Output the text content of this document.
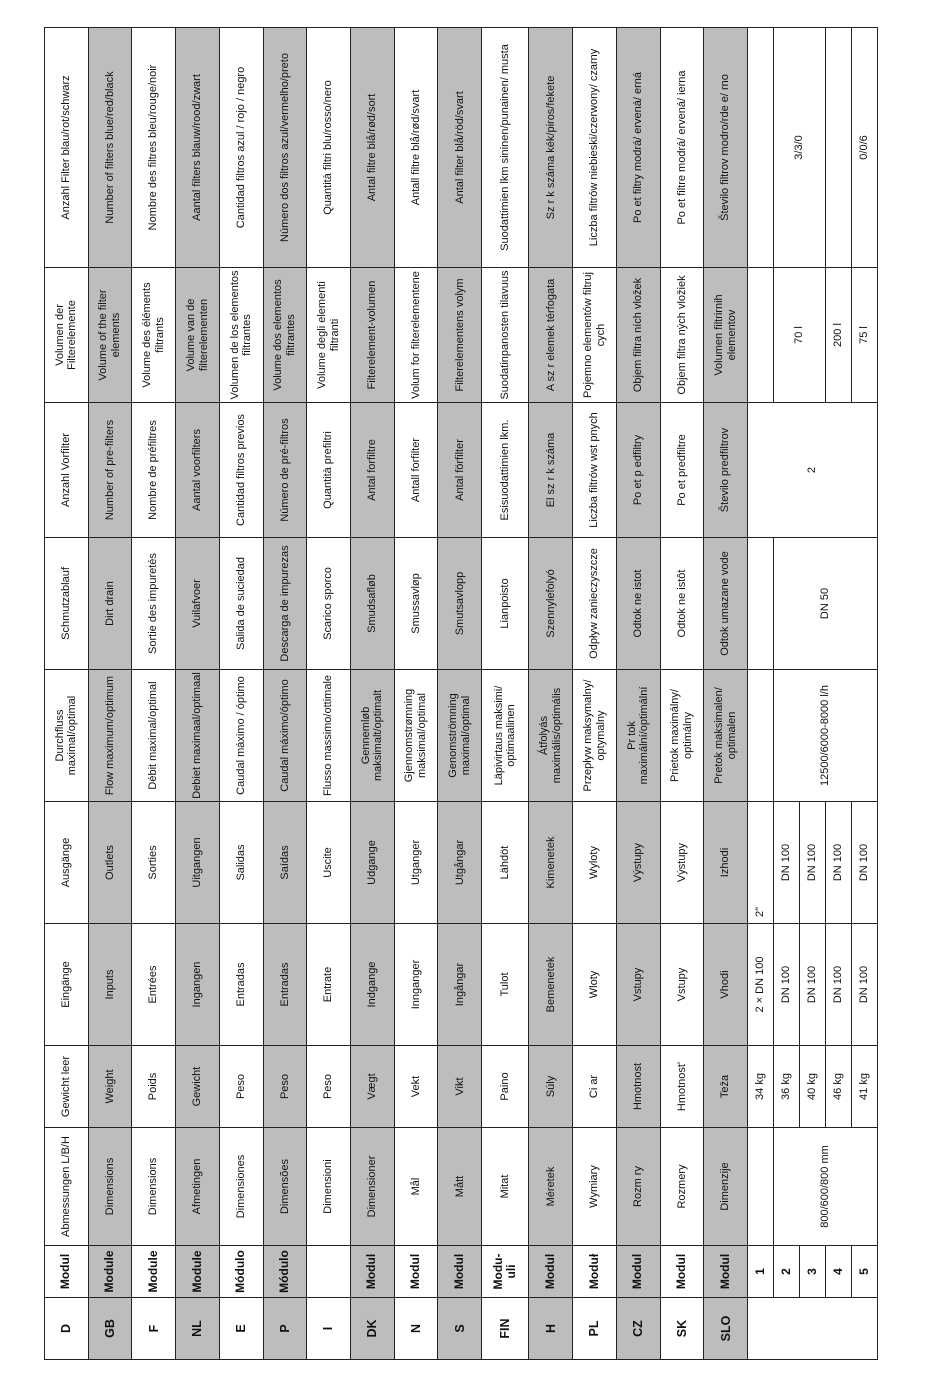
D	Modul	Abmessungen L/B/H	Gewicht leer	Eingänge	Ausgänge	Durchfluss maximal/optimal	Schmutzablauf	Anzahl Vorfilter	Volumen der Filterelemente	Anzahl Filter blau/rot/schwarz
GB	Module	Dimensions	Weight	Inputs	Outlets	Flow maximum/optimum	Dirt drain	Number of pre-filters	Volume of the filter elements	Number of filters blue/red/black
F	Module	Dimensions	Poids	Entrées	Sorties	Débit maximal/optimal	Sortie des impuretés	Nombre de préfiltres	Volume des éléments filtrants	Nombre des filtres bleu/rouge/noir
NL	Module	Afmetingen	Gewicht	Ingangen	Uitgangen	Debiet maximaal/optimaal	Vuilafvoer	Aantal voorfilters	Volume van de filterelementen	Aantal filters blauw/rood/zwart
E	Módulo	Dimensiones	Peso	Entradas	Salidas	Caudal máximo / óptimo	Salida de suciedad	Cantidad filtros previos	Volumen de los elementos filtrantes	Cantidad filtros azul / rojo / negro
P	Módulo	Dimensões	Peso	Entradas	Saídas	Caudal máximo/óptimo	Descarga de impurezas	Número de pré-filtros	Volume dos elementos filtrantes	Número dos filtros azul/vermelho/preto
I		Dimensioni	Peso	Entrate	Uscite	Flusso massimo/ottimale	Scarico sporco	Quantità prefiltri	Volume degli elementi filtranti	Quantità filtri blu/rosso/nero
DK	Modul	Dimensioner	Vægt	Indgange	Udgange	Gennemløb maksimalt/optimalt	Smudsafløb	Antal forfiltre	Filterelement-volumen	Antal filtre blå/rød/sort
N	Modul	Mål	Vekt	Innganger	Utganger	Gjennomstrømning maksimal/optimal	Smussavløp	Antall forfilter	Volum for filterelementene	Antall filtre blå/rød/svart
S	Modul	Mått	Vikt	Ingångar	Utgångar	Genomströmning maximal/optimal	Smutsavlopp	Antal förfilter	Filterelementens volym	Antal filter blå/röd/svart
FIN	Modu- uli	Mitat	Paino	Tulot	Lähdöt	Läpivirtaus maksimi/ optimaalinen	Lianpoisto	Esisuodattimien lkm.	Suodatinpanosten tilavuus	Suodattimien lkm sininen/punainen/ musta
H	Modul	Méretek	Súly	Bemenetek	Kimenetek	Átfolyás maximális/optimális	Szennylefolyó	El sz r k száma	A sz r elemek térfogata	Sz r k száma kék/piros/fekete
PL	Moduł	Wymiary	Ci ar	Wloty	Wyloty	Przepływ maksymalny/ optymalny	Odpływ zanieczyszcze	Liczba filtrów wst pnych	Pojemno elementów filtruj cych	Liczba filtrów niebieski/czerwony/ czarny
CZ	Modul	Rozm ry	Hmotnost	Vstupy	Výstupy	Pr tok maximální/optimální	Odtok ne istot	Po et p edfiltry	Objem filtra ních vložek	Po et filtry modrá/ ervená/ erná
SK	Modul	Rozmery	Hmotnost'	Vstupy	Výstupy	Prietok maximálny/ optimálny	Odtok ne istôt	Po et predfiltre	Objem filtra ných vložiek	Po et filtre modrá/ ervená/ ierna
SLO	Modul	Dimenzije	Teža	Vhodi	Izhodi	Pretok maksimalen/ optimalen	Odtok umazane vode	Število predfiltrov	Volumen filtrirnih elementov	Število filtrov modro/rde e/ rno
	1		34 kg	2 × DN 100	2"			2		
	2	800/600/800 mm	36 kg	DN 100	DN 100	12500/6000-8000 l/h	DN 50		70 l	3/3/0
	3		40 kg	DN 100	DN 100					
	4		46 kg	DN 100	DN 100				200 l	
	5		41 kg	DN 100	DN 100				75 l	0/0/6
